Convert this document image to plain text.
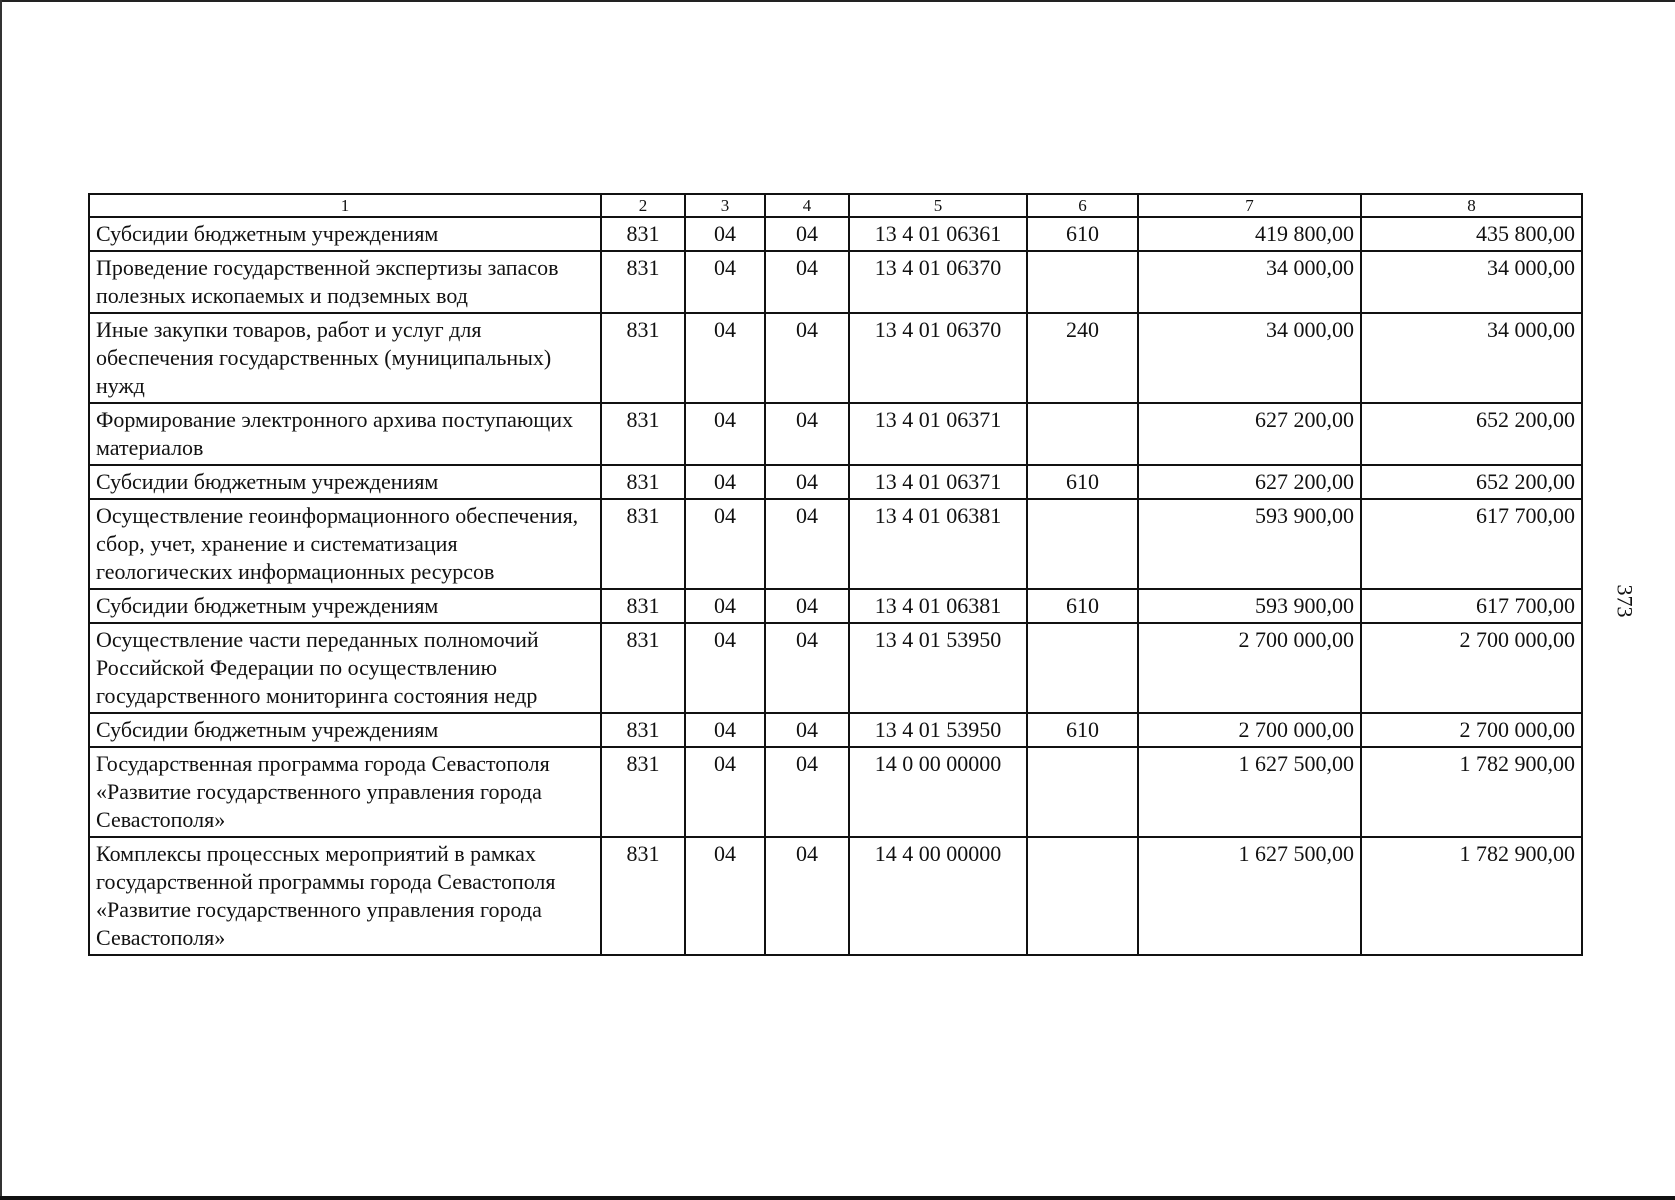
1	2	3	4	5	6	7	8
Субсидии бюджетным учреждениям	831	04	04	13 4 01 06361	610	419 800,00	435 800,00
Проведение государственной экспертизы запасов полезных ископаемых и подземных вод	831	04	04	13 4 01 06370		34 000,00	34 000,00
Иные закупки товаров, работ и услуг для обеспечения государственных (муниципальных) нужд	831	04	04	13 4 01 06370	240	34 000,00	34 000,00
Формирование электронного архива поступающих материалов	831	04	04	13 4 01 06371		627 200,00	652 200,00
Субсидии бюджетным учреждениям	831	04	04	13 4 01 06371	610	627 200,00	652 200,00
Осуществление геоинформационного обеспечения, сбор, учет, хранение и систематизация геологических информационных ресурсов	831	04	04	13 4 01 06381		593 900,00	617 700,00
Субсидии бюджетным учреждениям	831	04	04	13 4 01 06381	610	593 900,00	617 700,00
Осуществление части переданных полномочий Российской Федерации по осуществлению государственного мониторинга состояния недр	831	04	04	13 4 01 53950		2 700 000,00	2 700 000,00
Субсидии бюджетным учреждениям	831	04	04	13 4 01 53950	610	2 700 000,00	2 700 000,00
Государственная программа города Севастополя «Развитие государственного управления города Севастополя»	831	04	04	14 0 00 00000		1 627 500,00	1 782 900,00
Комплексы процессных мероприятий в рамках государственной программы города Севастополя «Развитие государственного управления города Севастополя»	831	04	04	14 4 00 00000		1 627 500,00	1 782 900,00
373
